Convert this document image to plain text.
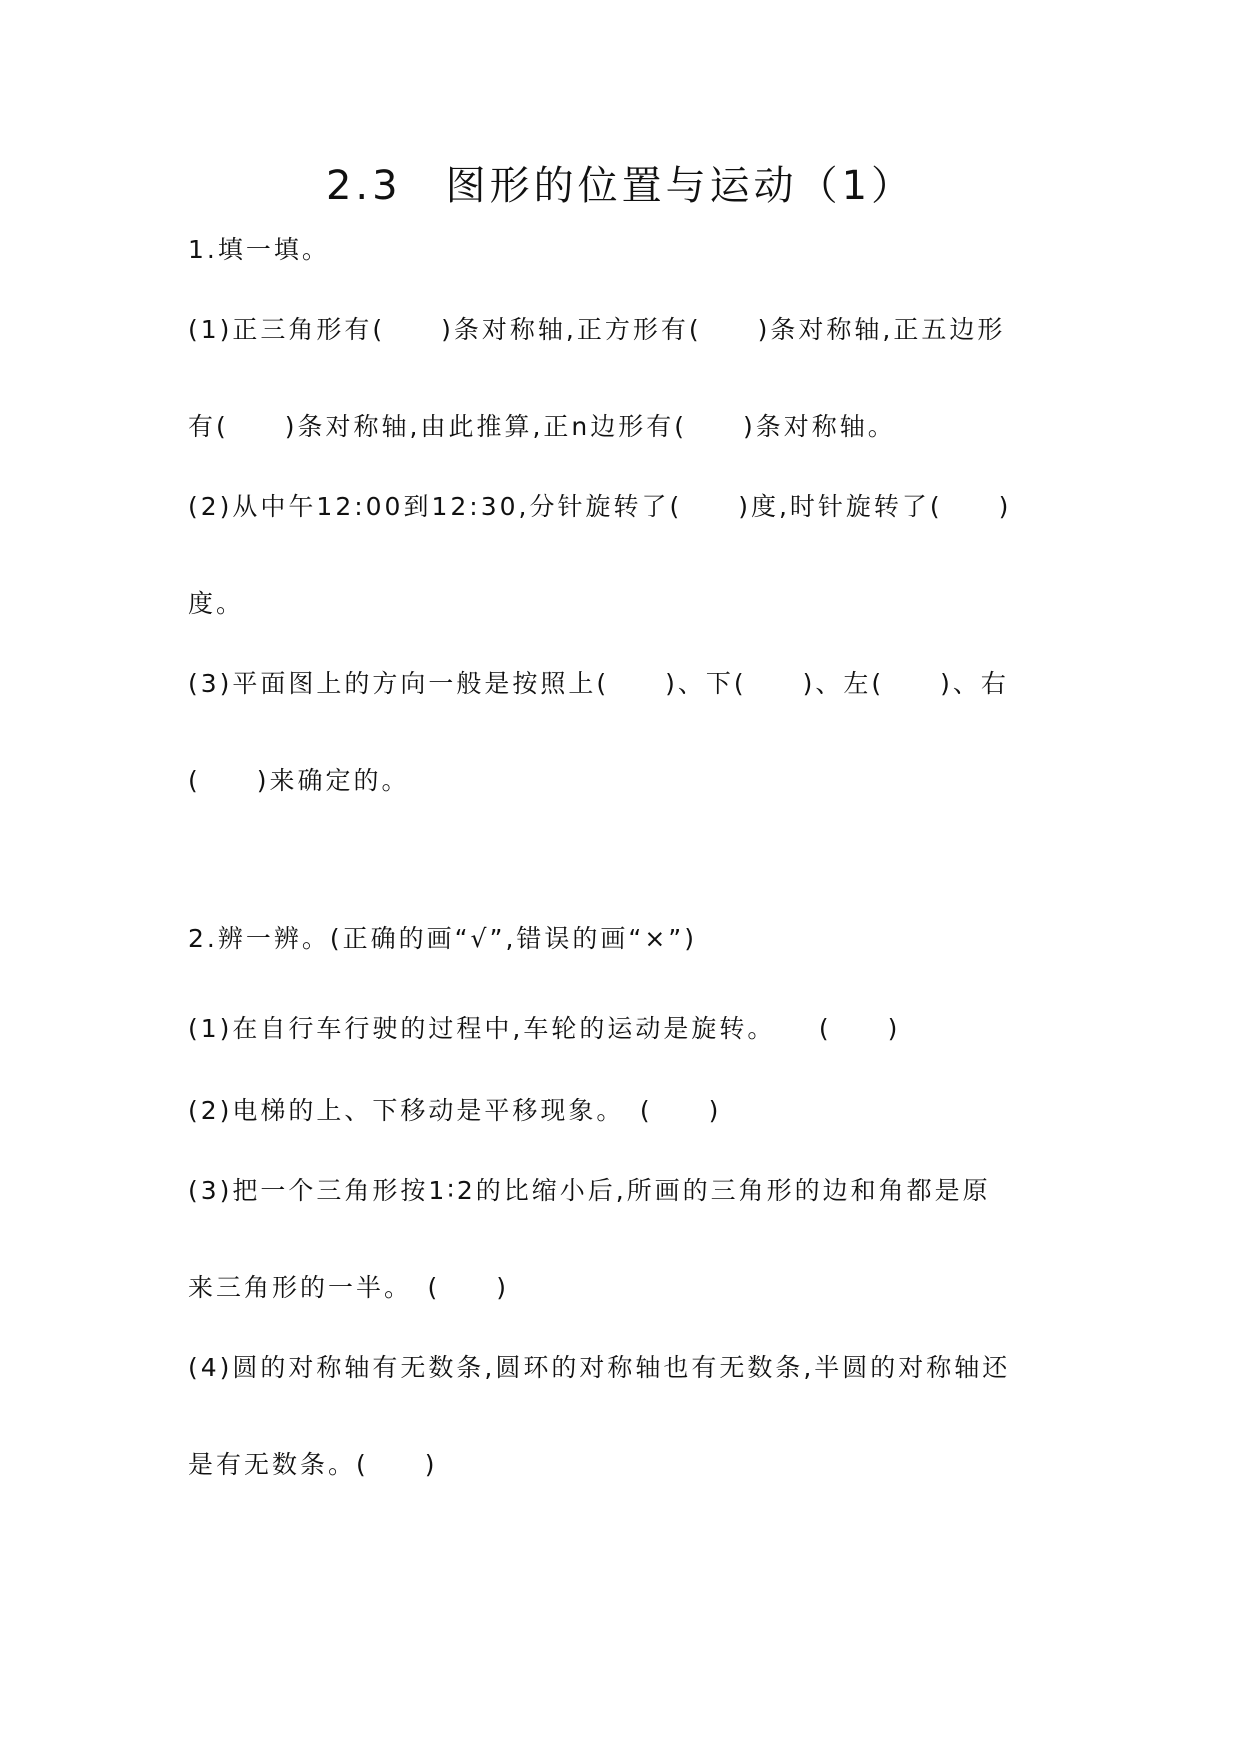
2.3　图形的位置与运动（1）
1.填一填。
(1)正三角形有(　　)条对称轴,正方形有(　　)条对称轴,正五边形
有(　　)条对称轴,由此推算,正n边形有(　　)条对称轴。
(2)从中午12:00到12:30,分针旋转了(　　)度,时针旋转了(　　)
度。
(3)平面图上的方向一般是按照上(　　)、下(　　)、左(　　)、右
(　　)来确定的。
2.辨一辨。(正确的画“√”,错误的画“×”)
(1)在自行车行驶的过程中,车轮的运动是旋转。　　(　　)
(2)电梯的上、下移动是平移现象。　(　　)
(3)把一个三角形按1∶2的比缩小后,所画的三角形的边和角都是原
来三角形的一半。　(　　)
(4)圆的对称轴有无数条,圆环的对称轴也有无数条,半圆的对称轴还
是有无数条。(　　)
